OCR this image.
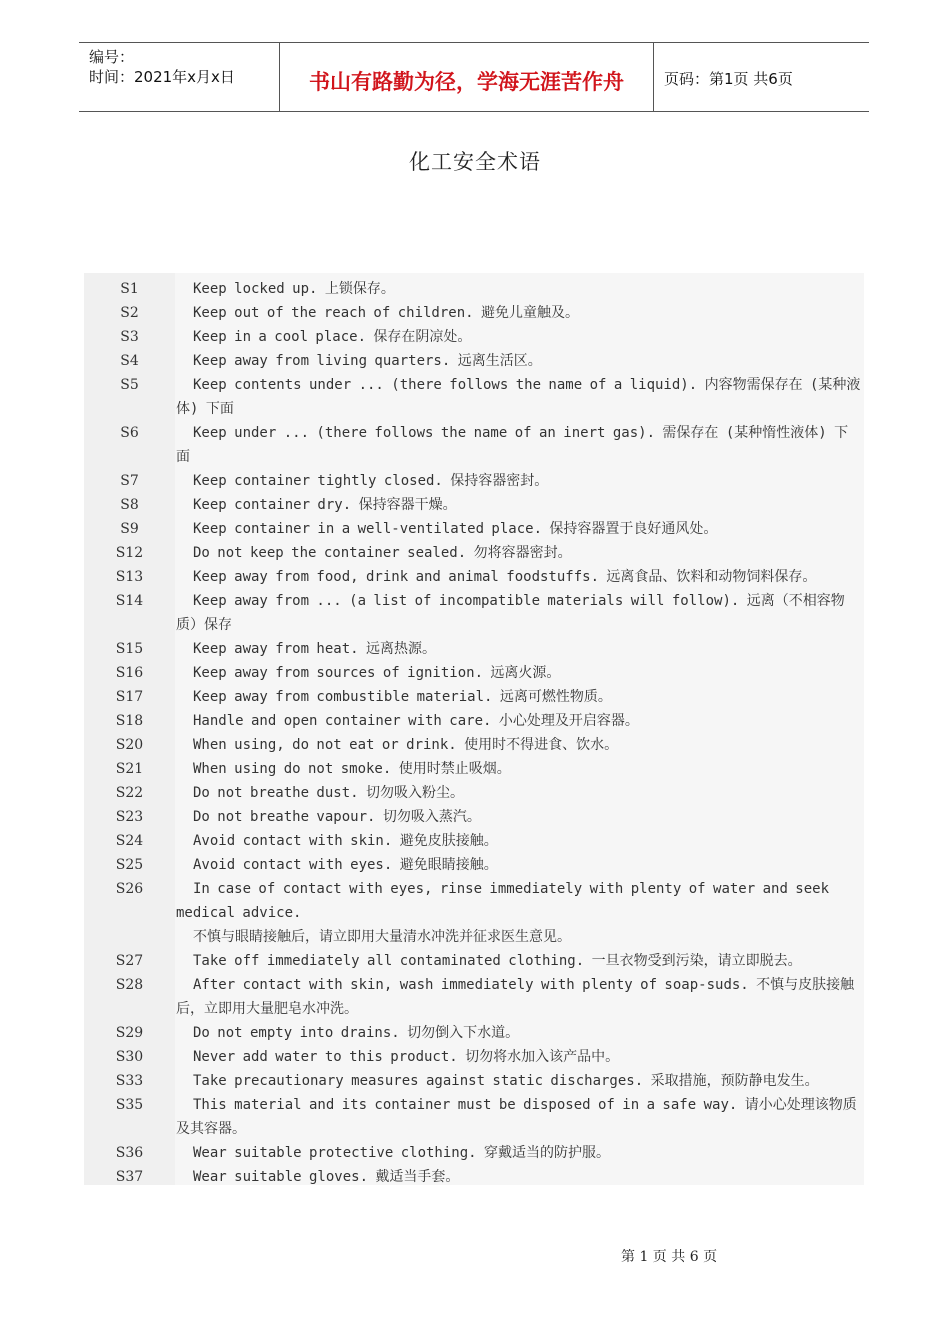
编号：
时间：2021年x月x日	书山有路勤为径，学海无涯苦作舟	页码：第1页 共6页
化工安全术语
S1	Keep locked up. 上锁保存。
S2	Keep out of the reach of children. 避免儿童触及。
S3	Keep in a cool place. 保存在阴凉处。
S4	Keep away from living quarters. 远离生活区。
S5	Keep contents under ... (there follows the name of a liquid). 内容物需保存在 (某种液
体) 下面
S6	Keep under ... (there follows the name of an inert gas). 需保存在 (某种惰性液体) 下
面
S7	Keep container tightly closed. 保持容器密封。
S8	Keep container dry. 保持容器干燥。
S9	Keep container in a well-ventilated place. 保持容器置于良好通风处。
S12	Do not keep the container sealed. 勿将容器密封。
S13	Keep away from food, drink and animal foodstuffs. 远离食品、饮料和动物饲料保存。
S14	Keep away from ... (a list of incompatible materials will follow). 远离（不相容物
质）保存
S15	Keep away from heat. 远离热源。
S16	Keep away from sources of ignition. 远离火源。
S17	Keep away from combustible material. 远离可燃性物质。
S18	Handle and open container with care. 小心处理及开启容器。
S20	When using, do not eat or drink. 使用时不得进食、饮水。
S21	When using do not smoke. 使用时禁止吸烟。
S22	Do not breathe dust. 切勿吸入粉尘。
S23	Do not breathe vapour. 切勿吸入蒸汽。
S24	Avoid contact with skin. 避免皮肤接触。
S25	Avoid contact with eyes. 避免眼睛接触。
S26	In case of contact with eyes, rinse immediately with plenty of water and seek
medical advice.
不慎与眼睛接触后，请立即用大量清水冲洗并征求医生意见。
S27	Take off immediately all contaminated clothing. 一旦衣物受到污染，请立即脱去。
S28	After contact with skin, wash immediately with plenty of soap-suds. 不慎与皮肤接触
后，立即用大量肥皂水冲洗。
S29	Do not empty into drains. 切勿倒入下水道。
S30	Never add water to this product. 切勿将水加入该产品中。
S33	Take precautionary measures against static discharges. 采取措施，预防静电发生。
S35	This material and its container must be disposed of in a safe way. 请小心处理该物质
及其容器。
S36	Wear suitable protective clothing. 穿戴适当的防护服。
S37	Wear suitable gloves. 戴适当手套。
第 1 页 共 6 页
